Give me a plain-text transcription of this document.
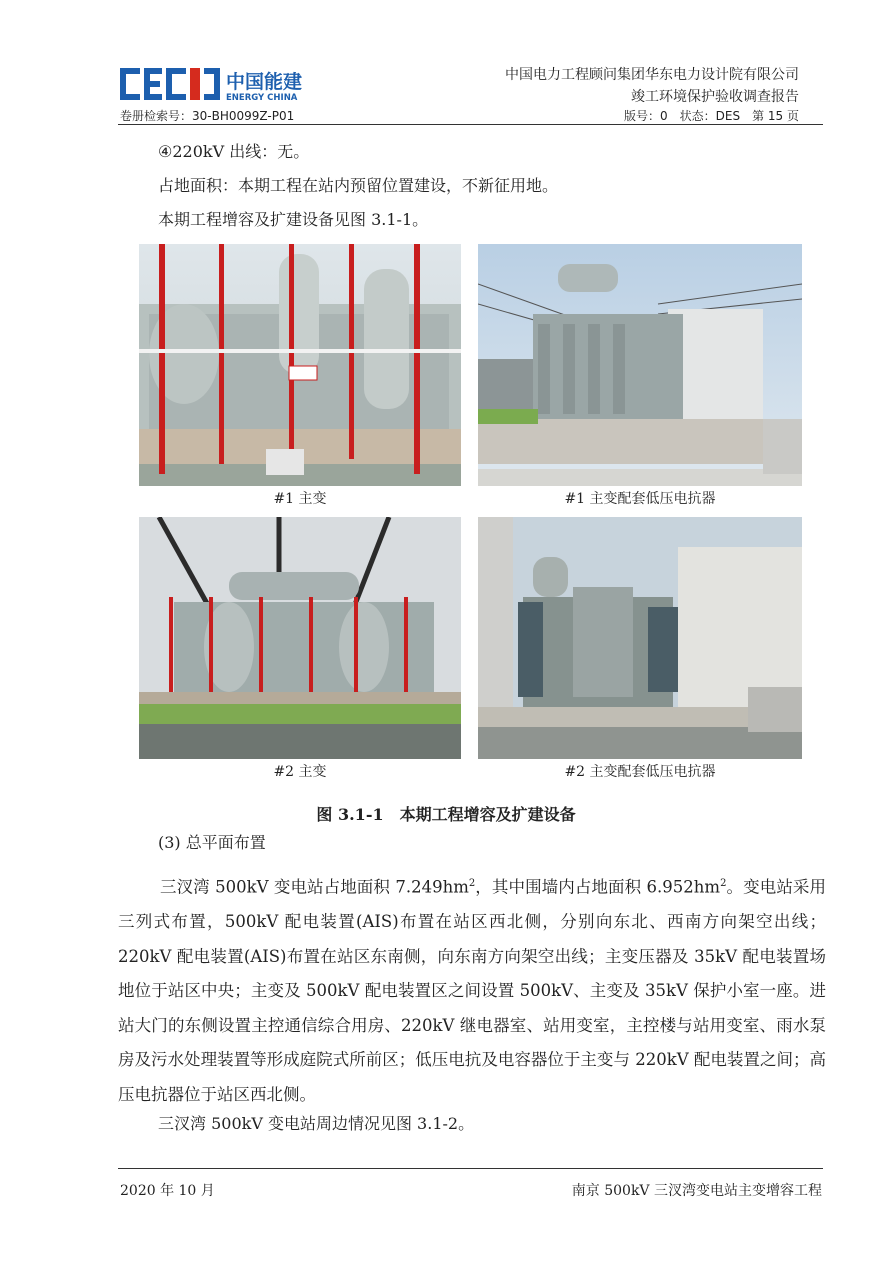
中国能建
ENERGY CHINA
中国电力工程顾问集团华东电力设计院有限公司
竣工环境保护验收调查报告
卷册检索号：30-BH0099Z-P01	版号：0　状态：DES　第 15 页
④220kV 出线：无。
占地面积：本期工程在站内预留位置建设，不新征用地。
本期工程增容及扩建设备见图 3.1-1。
#1 主变	#1 主变配套低压电抗器
#2 主变	#2 主变配套低压电抗器
图 3.1-1　本期工程增容及扩建设备
(3) 总平面布置
三汊湾 500kV 变电站占地面积 $7.249hm^2$，其中围墙内占地面积 $6.952hm^2$。变电站采用三列式布置，500kV 配电装置(AIS)布置在站区西北侧，分别向东北、西南方向架空出线；220kV 配电装置(AIS)布置在站区东南侧，向东南方向架空出线；主变压器及 35kV 配电装置场地位于站区中央；主变及 500kV 配电装置区之间设置 500kV、主变及 35kV 保护小室一座。进站大门的东侧设置主控通信综合用房、220kV 继电器室、站用变室，主控楼与站用变室、雨水泵房及污水处理装置等形成庭院式所前区；低压电抗及电容器位于主变与 220kV 配电装置之间；高压电抗器位于站区西北侧。
三汊湾 500kV 变电站周边情况见图 3.1-2。
2020 年 10 月	南京 500kV 三汊湾变电站主变增容工程
